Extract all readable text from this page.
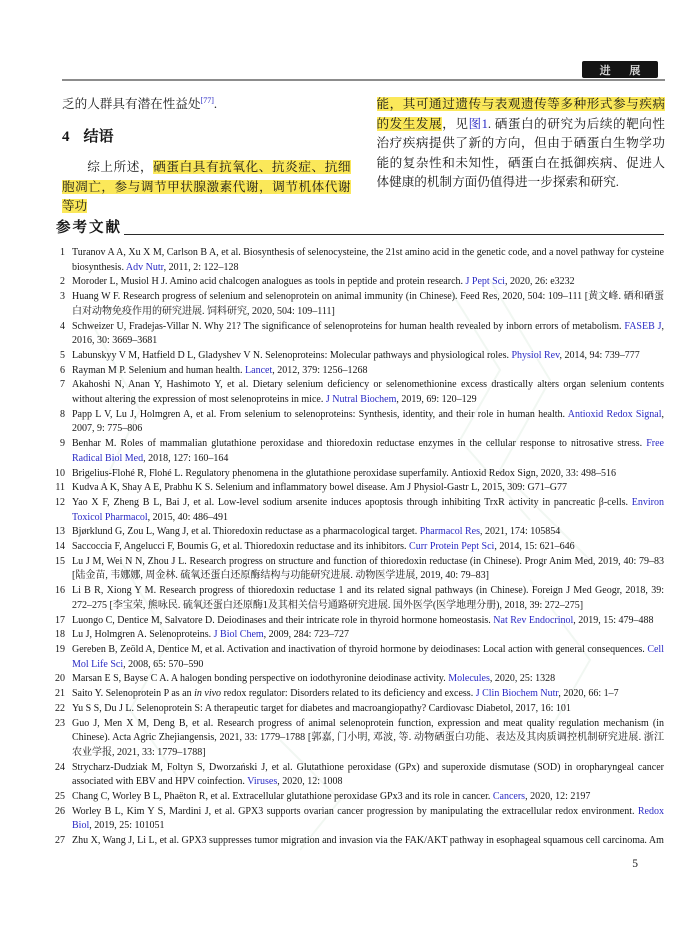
进 展

乏的人群具有潜在性益处[77].

4 结语

综上所述，硒蛋白具有抗氧化、抗炎症、抗细胞凋亡，参与调节甲状腺激素代谢，调节机体代谢等功

能，其可通过遗传与表观遗传等多种形式参与疾病的发生发展，见图1. 硒蛋白的研究为后续的靶向性治疗疾病提供了新的方向，但由于硒蛋白生物学功能的复杂性和未知性，硒蛋白在抵御疾病、促进人体健康的机制方面仍值得进一步探索和研究.

参考文献
1 Turanov A A, Xu X M, Carlson B A, et al. Biosynthesis of selenocysteine, the 21st amino acid in the genetic code, and a novel pathway for cysteine biosynthesis. Adv Nutr, 2011, 2: 122–128
2 Moroder L, Musiol H J. Amino acid chalcogen analogues as tools in peptide and protein research. J Pept Sci, 2020, 26: e3232
3 Huang W F. Research progress of selenium and selenoprotein on animal immunity (in Chinese). Feed Res, 2020, 504: 109–111 [黄文峰. 硒和硒蛋白对动物免疫作用的研究进展. 饲料研究, 2020, 504: 109–111]
4 Schweizer U, Fradejas-Villar N. Why 21? The significance of selenoproteins for human health revealed by inborn errors of metabolism. FASEB J, 2016, 30: 3669–3681
5 Labunskyy V M, Hatfield D L, Gladyshev V N. Selenoproteins: Molecular pathways and physiological roles. Physiol Rev, 2014, 94: 739–777
6 Rayman M P. Selenium and human health. Lancet, 2012, 379: 1256–1268
7 Akahoshi N, Anan Y, Hashimoto Y, et al. Dietary selenium deficiency or selenomethionine excess drastically alters organ selenium contents without altering the expression of most selenoproteins in mice. J Nutral Biochem, 2019, 69: 120–129
8 Papp L V, Lu J, Holmgren A, et al. From selenium to selenoproteins: Synthesis, identity, and their role in human health. Antioxid Redox Signal, 2007, 9: 775–806
9 Benhar M. Roles of mammalian glutathione peroxidase and thioredoxin reductase enzymes in the cellular response to nitrosative stress. Free Radical Biol Med, 2018, 127: 160–164
10 Brigelius-Flohé R, Flohé L. Regulatory phenomena in the glutathione peroxidase superfamily. Antioxid Redox Sign, 2020, 33: 498–516
11 Kudva A K, Shay A E, Prabhu K S. Selenium and inflammatory bowel disease. Am J Physiol-Gastr L, 2015, 309: G71–G77
12 Yao X F, Zheng B L, Bai J, et al. Low-level sodium arsenite induces apoptosis through inhibiting TrxR activity in pancreatic β-cells. Environ Toxicol Pharmacol, 2015, 40: 486–491
13 Bjørklund G, Zou L, Wang J, et al. Thioredoxin reductase as a pharmacological target. Pharmacol Res, 2021, 174: 105854
14 Saccoccia F, Angelucci F, Boumis G, et al. Thioredoxin reductase and its inhibitors. Curr Protein Pept Sci, 2014, 15: 621–646
15 Lu J M, Wei N N, Zhou J L. Research progress on structure and function of thioredoxin reductase (in Chinese). Progr Anim Med, 2019, 40: 79–83 [陆金苗, 韦娜娜, 周金林. 硫氧还蛋白还原酶结构与功能研究进展. 动物医学进展, 2019, 40: 79–83]
16 Li B R, Xiong Y M. Research progress of thioredoxin reductase 1 and its related signal pathways (in Chinese). Foreign J Med Geogr, 2018, 39: 272–275 [李宝荣, 熊咏民. 硫氧还蛋白还原酶1及其相关信号通路研究进展. 国外医学(医学地理分册), 2018, 39: 272–275]
17 Luongo C, Dentice M, Salvatore D. Deiodinases and their intricate role in thyroid hormone homeostasis. Nat Rev Endocrinol, 2019, 15: 479–488
18 Lu J, Holmgren A. Selenoproteins. J Biol Chem, 2009, 284: 723–727
19 Gereben B, Zeöld A, Dentice M, et al. Activation and inactivation of thyroid hormone by deiodinases: Local action with general consequences. Cell Mol Life Sci, 2008, 65: 570–590
20 Marsan E S, Bayse C A. A halogen bonding perspective on iodothyronine deiodinase activity. Molecules, 2020, 25: 1328
21 Saito Y. Selenoprotein P as an in vivo redox regulator: Disorders related to its deficiency and excess. J Clin Biochem Nutr, 2020, 66: 1–7
22 Yu S S, Du J L. Selenoprotein S: A therapeutic target for diabetes and macroangiopathy? Cardiovasc Diabetol, 2017, 16: 101
23 Guo J, Men X M, Deng B, et al. Research progress of animal selenoprotein function, expression and meat quality regulation mechanism (in Chinese). Acta Agric Zhejiangensis, 2021, 33: 1779–1788 [郭嘉, 门小明, 邓波, 等. 动物硒蛋白功能、表达及其肉质调控机制研究进展. 浙江农业学报, 2021, 33: 1779–1788]
24 Strycharz-Dudziak M, Foltyn S, Dworzański J, et al. Glutathione peroxidase (GPx) and superoxide dismutase (SOD) in oropharyngeal cancer associated with EBV and HPV coinfection. Viruses, 2020, 12: 1008
25 Chang C, Worley B L, Phaëton R, et al. Extracellular glutathione peroxidase GPx3 and its role in cancer. Cancers, 2020, 12: 2197
26 Worley B L, Kim Y S, Mardini J, et al. GPX3 supports ovarian cancer progression by manipulating the extracellular redox environment. Redox Biol, 2019, 25: 101051
27 Zhu X, Wang J, Li L, et al. GPX3 suppresses tumor migration and invasion via the FAK/AKT pathway in esophageal squamous cell carcinoma. Am
5
